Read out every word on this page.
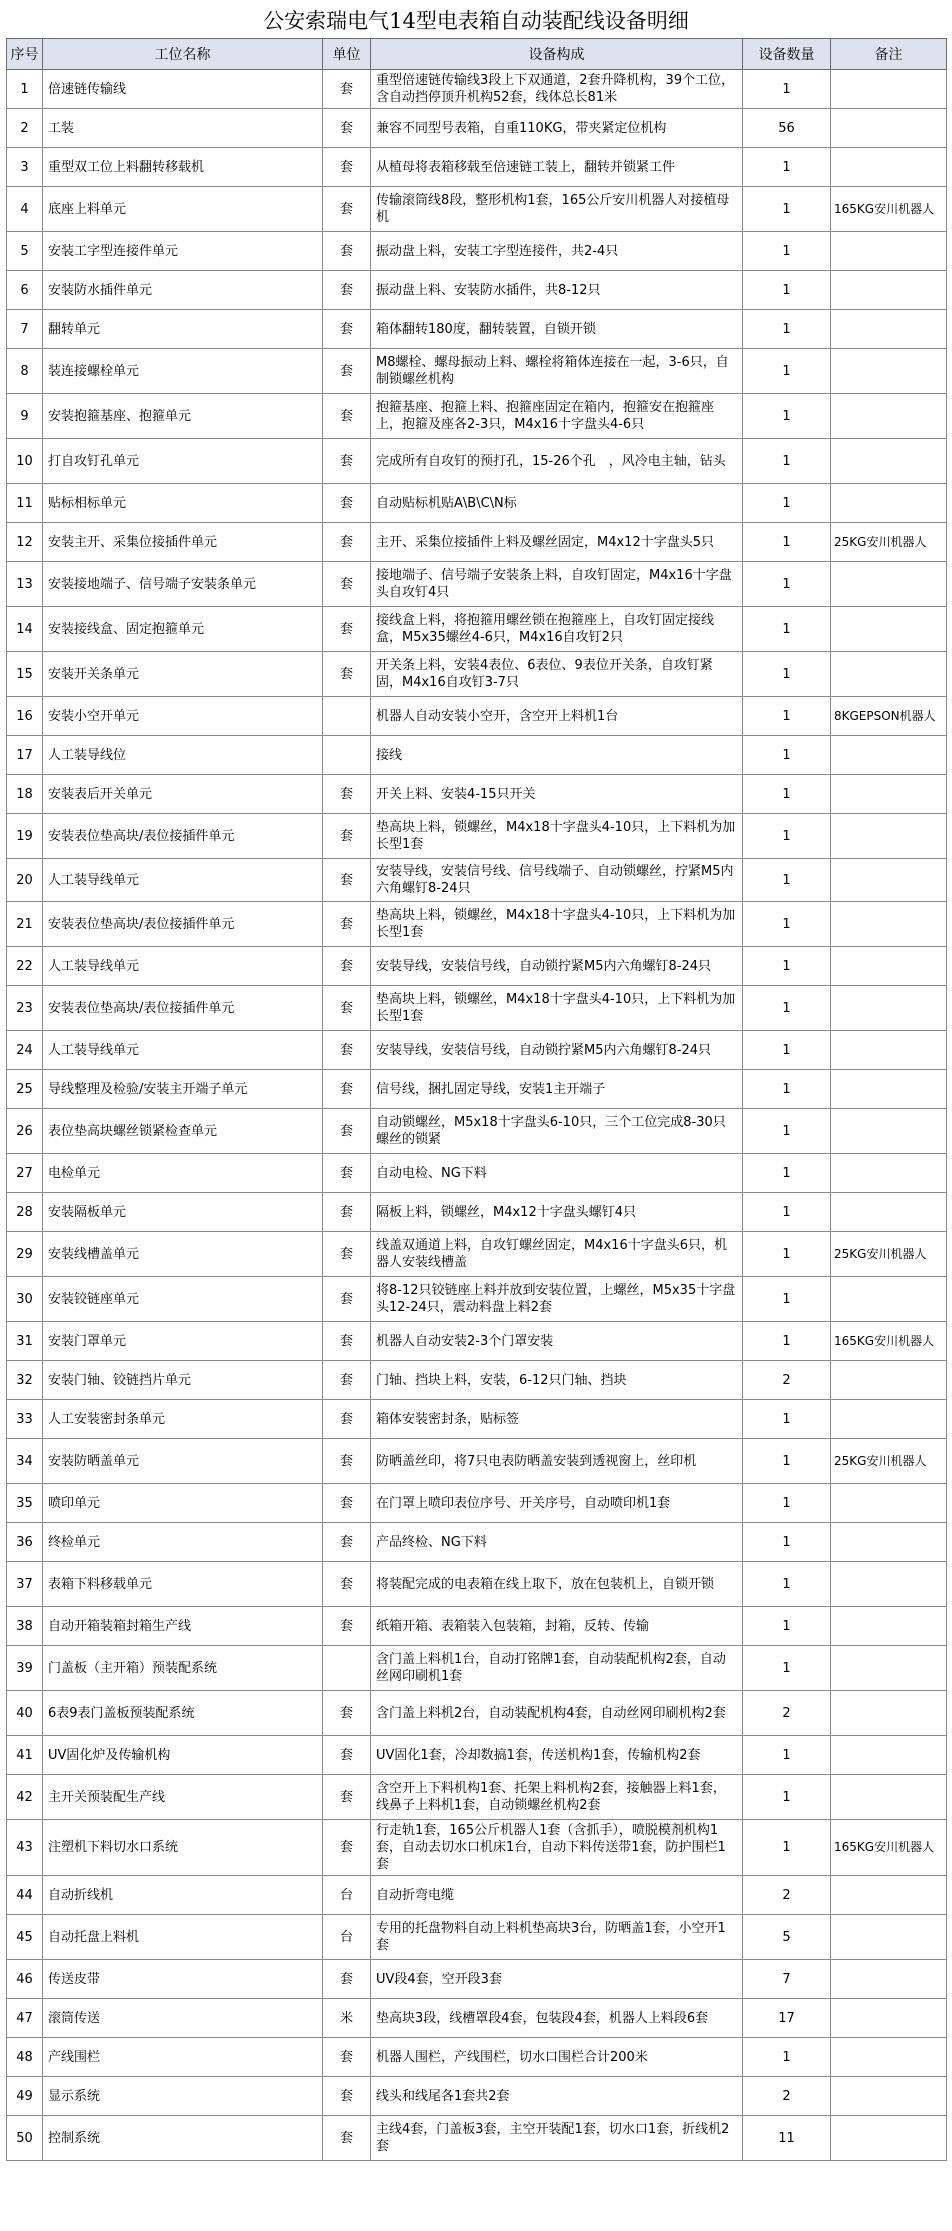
公安索瑞电气14型电表箱自动装配线设备明细
序号	工位名称	单位	设备构成	设备数量	备注
1	倍速链传输线	套	重型倍速链传输线3段上下双通道，2套升降机构，39个工位，含自动挡停顶升机构52套，线体总长81米	1	
2	工装	套	兼容不同型号表箱，自重110KG，带夹紧定位机构	56	
3	重型双工位上料翻转移载机	套	从植母将表箱移载至倍速链工装上，翻转并锁紧工件	1	
4	底座上料单元	套	传输滚筒线8段，整形机构1套，165公斤安川机器人对接植母机	1	165KG安川机器人
5	安装工字型连接件单元	套	振动盘上料，安装工字型连接件，共2-4只	1	
6	安装防水插件单元	套	振动盘上料、安装防水插件，共8-12只	1	
7	翻转单元	套	箱体翻转180度，翻转装置，自锁开锁	1	
8	装连接螺栓单元	套	M8螺栓、螺母振动上料、螺栓将箱体连接在一起，3-6只，自制锁螺丝机构	1	
9	安装抱箍基座、抱箍单元	套	抱箍基座、抱箍上料、抱箍座固定在箱内，抱箍安在抱箍座上，抱箍及座各2-3只，M4x16十字盘头4-6只	1	
10	打自攻钉孔单元	套	完成所有自攻钉的预打孔，15-26个孔　，风冷电主轴，钻头	1	
11	贴标相标单元	套	自动贴标机贴A\B\C\N标	1	
12	安装主开、采集位接插件单元	套	主开、采集位接插件上料及螺丝固定，M4x12十字盘头5只	1	25KG安川机器人
13	安装接地端子、信号端子安装条单元	套	接地端子、信号端子安装条上料，自攻钉固定，M4x16十字盘头自攻钉4只	1	
14	安装接线盒、固定抱箍单元	套	接线盒上料，将抱箍用螺丝锁在抱箍座上，自攻钉固定接线盒，M5x35螺丝4-6只，M4x16自攻钉2只	1	
15	安装开关条单元	套	开关条上料，安装4表位、6表位、9表位开关条，自攻钉紧固，M4x16自攻钉3-7只	1	
16	安装小空开单元		机器人自动安装小空开，含空开上料机1台	1	8KGEPSON机器人
17	人工装导线位		接线	1	
18	安装表后开关单元	套	开关上料、安装4-15只开关	1	
19	安装表位垫高块/表位接插件单元	套	垫高块上料，锁螺丝，M4x18十字盘头4-10只，上下料机为加长型1套	1	
20	人工装导线单元	套	安装导线，安装信号线、信号线端子、自动锁螺丝，拧紧M5内六角螺钉8-24只	1	
21	安装表位垫高块/表位接插件单元	套	垫高块上料，锁螺丝，M4x18十字盘头4-10只，上下料机为加长型1套	1	
22	人工装导线单元	套	安装导线，安装信号线，自动锁拧紧M5内六角螺钉8-24只	1	
23	安装表位垫高块/表位接插件单元	套	垫高块上料，锁螺丝，M4x18十字盘头4-10只，上下料机为加长型1套	1	
24	人工装导线单元	套	安装导线，安装信号线，自动锁拧紧M5内六角螺钉8-24只	1	
25	导线整理及检验/安装主开端子单元	套	信号线，捆扎固定导线，安装1主开端子	1	
26	表位垫高块螺丝锁紧检查单元	套	自动锁螺丝，M5x18十字盘头6-10只，三个工位完成8-30只螺丝的锁紧	1	
27	电检单元	套	自动电检、NG下料	1	
28	安装隔板单元	套	隔板上料，锁螺丝，M4x12十字盘头螺钉4只	1	
29	安装线槽盖单元	套	线盖双通道上料，自攻钉螺丝固定，M4x16十字盘头6只，机器人安装线槽盖	1	25KG安川机器人
30	安装铰链座单元	套	将8-12只铰链座上料并放到安装位置，上螺丝，M5x35十字盘头12-24只，震动料盘上料2套	1	
31	安装门罩单元	套	机器人自动安装2-3个门罩安装	1	165KG安川机器人
32	安装门轴、铰链挡片单元	套	门轴、挡块上料，安装，6-12只门轴、挡块	2	
33	人工安装密封条单元	套	箱体安装密封条，贴标签	1	
34	安装防晒盖单元	套	防晒盖丝印，将7只电表防晒盖安装到透视窗上，丝印机	1	25KG安川机器人
35	喷印单元	套	在门罩上喷印表位序号、开关序号，自动喷印机1套	1	
36	终检单元	套	产品终检、NG下料	1	
37	表箱下料移载单元	套	将装配完成的电表箱在线上取下，放在包装机上，自锁开锁	1	
38	自动开箱装箱封箱生产线	套	纸箱开箱、表箱装入包装箱，封箱，反转、传输	1	
39	门盖板（主开箱）预装配系统		含门盖上料机1台，自动打铭牌1套，自动装配机构2套，自动丝网印刷机1套	1	
40	6表9表门盖板预装配系统	套	含门盖上料机2台，自动装配机构4套，自动丝网印刷机构2套	2	
41	UV固化炉及传输机构	套	UV固化1套，冷却数搞1套，传送机构1套，传输机构2套	1	
42	主开关预装配生产线	套	含空开上下料机构1套、托架上料机构2套，接触器上料1套，线鼻子上料机1套，自动锁螺丝机构2套	1	
43	注塑机下料切水口系统	套	行走轨1套，165公斤机器人1套（含抓手），喷脱模剂机构1套，自动去切水口机床1台，自动下料传送带1套，防护围栏1套	1	165KG安川机器人
44	自动折线机	台	自动折弯电缆	2	
45	自动托盘上料机	台	专用的托盘物料自动上料机垫高块3台，防晒盖1套，小空开1套	5	
46	传送皮带	套	UV段4套，空开段3套	7	
47	滚筒传送	米	垫高块3段，线槽罩段4套，包装段4套，机器人上料段6套	17	
48	产线围栏	套	机器人围栏，产线围栏，切水口围栏合计200米	1	
49	显示系统	套	线头和线尾各1套共2套	2	
50	控制系统	套	主线4套，门盖板3套，主空开装配1套，切水口1套，折线机2套	11	
